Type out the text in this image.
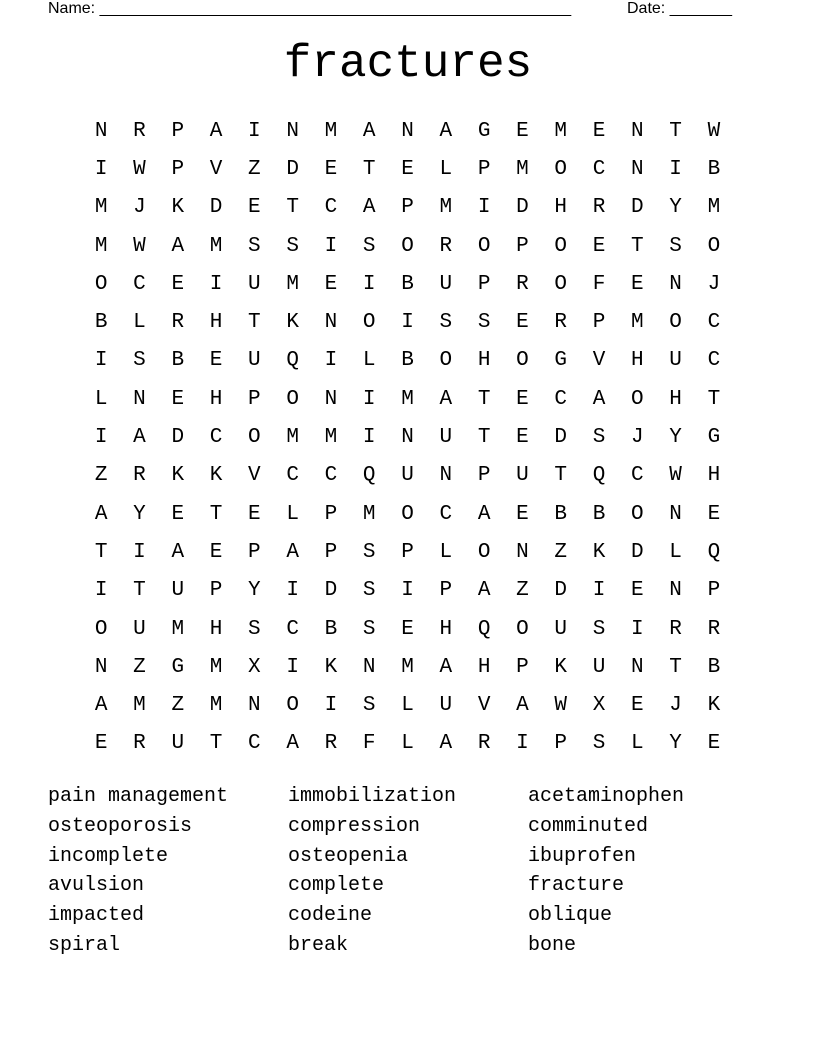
Name: _____________________________________________________	Date: _______
fractures
N	R	P	A	I	N	M	A	N	A	G	E	M	E	N	T	W
I	W	P	V	Z	D	E	T	E	L	P	M	O	C	N	I	B
M	J	K	D	E	T	C	A	P	M	I	D	H	R	D	Y	M
M	W	A	M	S	S	I	S	O	R	O	P	O	E	T	S	O
O	C	E	I	U	M	E	I	B	U	P	R	O	F	E	N	J
B	L	R	H	T	K	N	O	I	S	S	E	R	P	M	O	C
I	S	B	E	U	Q	I	L	B	O	H	O	G	V	H	U	C
L	N	E	H	P	O	N	I	M	A	T	E	C	A	O	H	T
I	A	D	C	O	M	M	I	N	U	T	E	D	S	J	Y	G
Z	R	K	K	V	C	C	Q	U	N	P	U	T	Q	C	W	H
A	Y	E	T	E	L	P	M	O	C	A	E	B	B	O	N	E
T	I	A	E	P	A	P	S	P	L	O	N	Z	K	D	L	Q
I	T	U	P	Y	I	D	S	I	P	A	Z	D	I	E	N	P
O	U	M	H	S	C	B	S	E	H	Q	O	U	S	I	R	R
N	Z	G	M	X	I	K	N	M	A	H	P	K	U	N	T	B
A	M	Z	M	N	O	I	S	L	U	V	A	W	X	E	J	K
E	R	U	T	C	A	R	F	L	A	R	I	P	S	L	Y	E
pain management	immobilization	acetaminophen
osteoporosis	compression	comminuted
incomplete	osteopenia	ibuprofen
avulsion	complete	fracture
impacted	codeine	oblique
spiral	break	bone
